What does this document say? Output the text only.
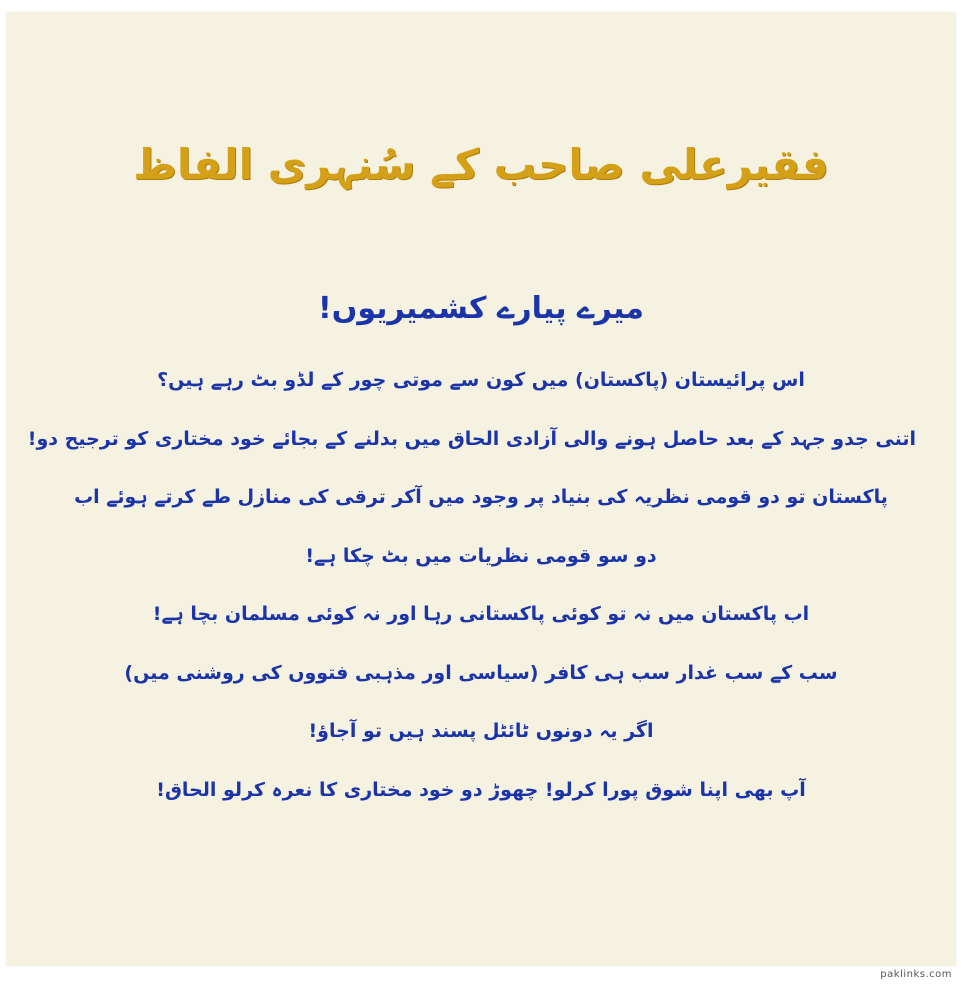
فقیرعلی صاحب کے سُنہری الفاظ
میرے پیارے کشمیریوں!
اس پرائیستان (پاکستان) میں کون سے موتی چور کے لڈو بٹ رہے ہیں؟
اتنی جدو جہد کے بعد حاصل ہونے والی آزادی الحاق میں بدلنے کے بجائے خود مختاری کو ترجیح دو!
پاکستان تو دو قومی نظریہ کی بنیاد پر وجود میں آکر ترقی کی منازل طے کرتے ہوئے اب
دو سو قومی نظریات میں بٹ چکا ہے!
اب پاکستان میں نہ تو کوئی پاکستانی رہا اور نہ کوئی مسلمان بچا ہے!
سب کے سب غدار سب ہی کافر (سیاسی اور مذہبی فتووں کی روشنی میں)
اگر یہ دونوں ٹائٹل پسند ہیں تو آجاؤ!
آپ بھی اپنا شوق پورا کرلو! چھوڑ دو خود مختاری کا نعرہ کرلو الحاق!
paklinks.com
